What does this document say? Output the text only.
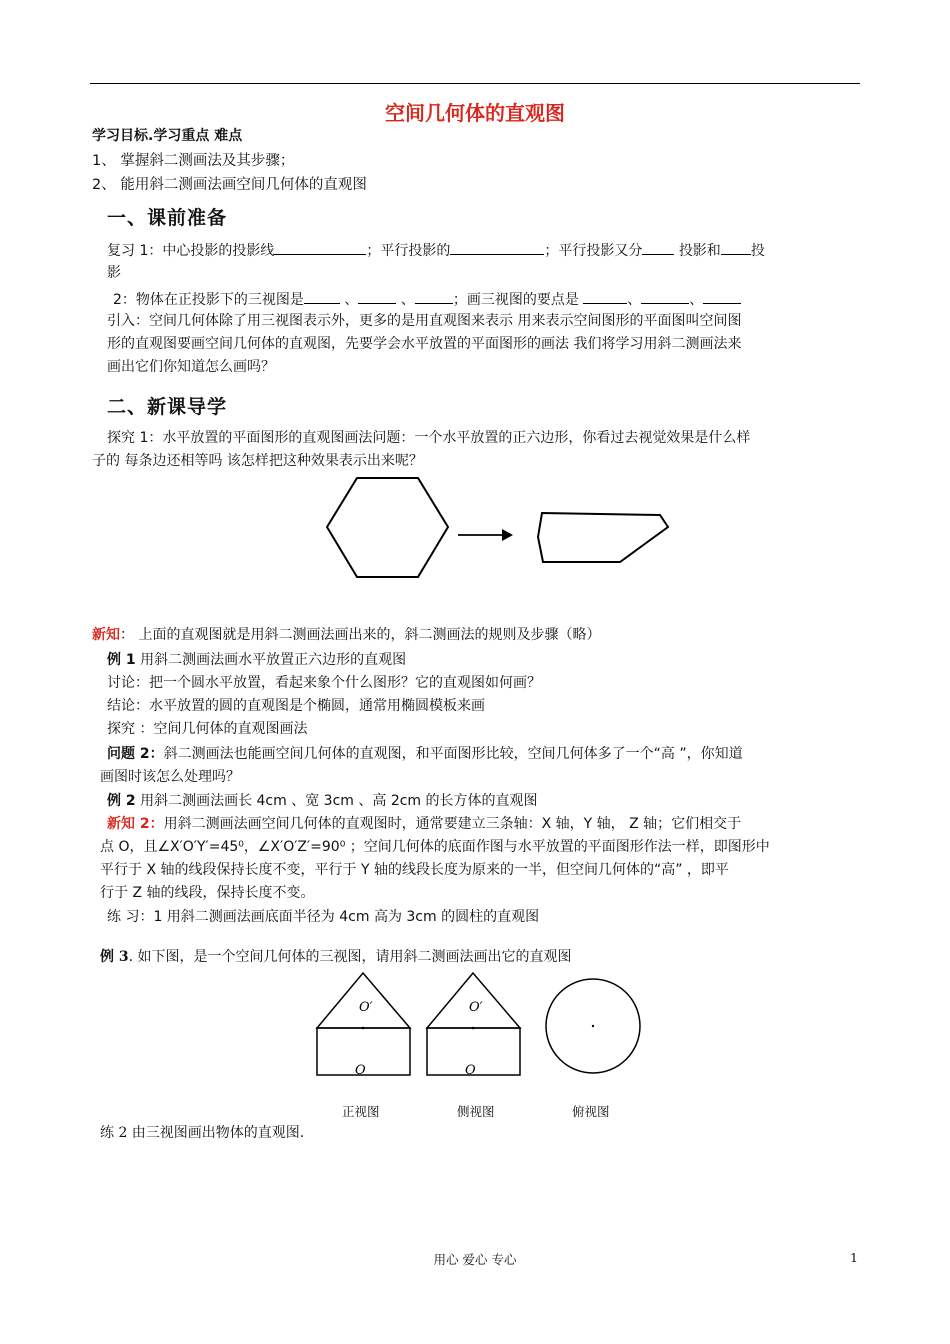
空间几何体的直观图
学习目标.学习重点 难点
1、 掌握斜二测画法及其步骤；
2、 能用斜二测画法画空间几何体的直观图
一、课前准备
复习 1：中心投影的投影线	；平行投影的	；平行投影又分	投影和 投
影
2：物体在正投影下的三视图是	、	、	；画三视图的要点是	、	、
引入：空间几何体除了用三视图表示外，更多的是用直观图来表示 用来表示空间图形的平面图叫空间图
形的直观图要画空间几何体的直观图，先要学会水平放置的平面图形的画法 我们将学习用斜二测画法来
画出它们你知道怎么画吗？
二、新课导学
探究 1：水平放置的平面图形的直观图画法问题：一个水平放置的正六边形，你看过去视觉效果是什么样
子的 每条边还相等吗 该怎样把这种效果表示出来呢？
新知： 上面的直观图就是用斜二测画法画出来的，斜二测画法的规则及步骤（略）
例 1 用斜二测画法画水平放置正六边形的直观图
讨论：把一个圆水平放置，看起来象个什么图形？它的直观图如何画？
结论：水平放置的圆的直观图是个椭圆，通常用椭圆模板来画
探究 ：空间几何体的直观图画法
问题 2：斜二测画法也能画空间几何体的直观图，和平面图形比较，空间几何体多了一个“高 ”，你知道
画图时该怎么处理吗？
例 2 用斜二测画法画长 4cm 、宽 3cm 、高 2cm 的长方体的直观图
新知 2：用斜二测画法画空间几何体的直观图时，通常要建立三条轴：X 轴，Y 轴， Z 轴；它们相交于
点 O，且∠X′O′Y′=45⁰，∠X′O′Z′=90⁰ ；空间几何体的底面作图与水平放置的平面图形作法一样，即图形中
平行于 X 轴的线段保持长度不变，平行于 Y 轴的线段长度为原来的一半，但空间几何体的“高” ，即平
行于 Z 轴的线段，保持长度不变。
练 习：1 用斜二测画法画底面半径为 4cm 高为 3cm 的圆柱的直观图
例 3. 如下图，是一个空间几何体的三视图，请用斜二测画法画出它的直观图
O′
O
O′
O
正视图	侧视图	俯视图
练 2 由三视图画出物体的直观图.
用心 爱心 专心	1
